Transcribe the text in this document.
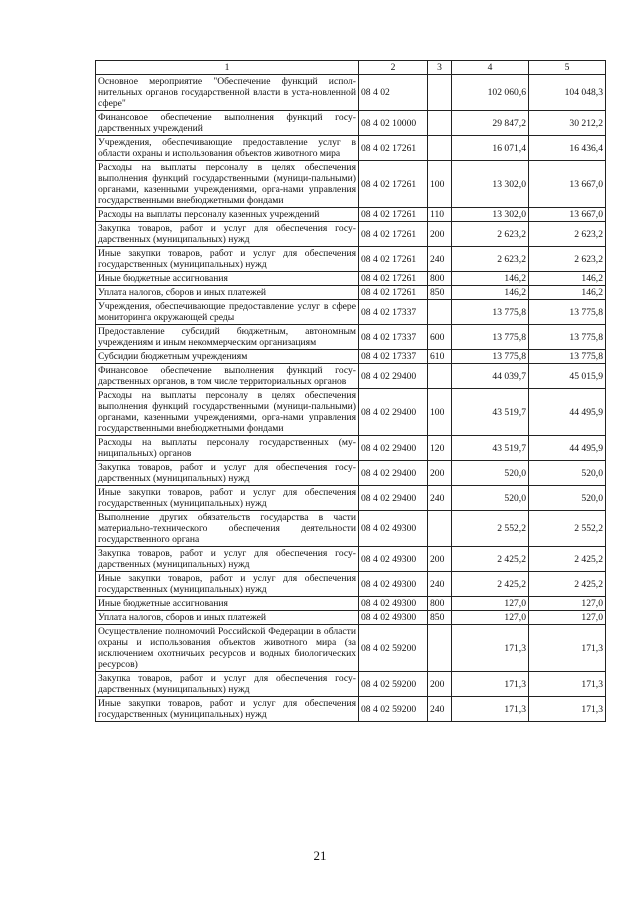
1	2	3	4	5
Основное мероприятие "Обеспечение функций испол-нительных органов государственной власти в уста-новленной сфере"	08 4 02		102 060,6	104 048,3
Финансовое обеспечение выполнения функций госу-дарственных учреждений	08 4 02 10000		29 847,2	30 212,2
Учреждения, обеспечивающие предоставление услуг в области охраны и использования объектов животного мира	08 4 02 17261		16 071,4	16 436,4
Расходы на выплаты персоналу в целях обеспечения выполнения функций государственными (муници-пальными) органами, казенными учреждениями, орга-нами управления государственными внебюджетными фондами	08 4 02 17261	100	13 302,0	13 667,0
Расходы на выплаты персоналу казенных учреждений	08 4 02 17261	110	13 302,0	13 667,0
Закупка товаров, работ и услуг для обеспечения госу-дарственных (муниципальных) нужд	08 4 02 17261	200	2 623,2	2 623,2
Иные закупки товаров, работ и услуг для обеспечения государственных (муниципальных) нужд	08 4 02 17261	240	2 623,2	2 623,2
Иные бюджетные ассигнования	08 4 02 17261	800	146,2	146,2
Уплата налогов, сборов и иных платежей	08 4 02 17261	850	146,2	146,2
Учреждения, обеспечивающие предоставление услуг в сфере мониторинга окружающей среды	08 4 02 17337		13 775,8	13 775,8
Предоставление субсидий бюджетным, автономным учреждениям и иным некоммерческим организациям	08 4 02 17337	600	13 775,8	13 775,8
Субсидии бюджетным учреждениям	08 4 02 17337	610	13 775,8	13 775,8
Финансовое обеспечение выполнения функций госу-дарственных органов, в том числе территориальных органов	08 4 02 29400		44 039,7	45 015,9
Расходы на выплаты персоналу в целях обеспечения выполнения функций государственными (муници-пальными) органами, казенными учреждениями, орга-нами управления государственными внебюджетными фондами	08 4 02 29400	100	43 519,7	44 495,9
Расходы на выплаты персоналу государственных (му-ниципальных) органов	08 4 02 29400	120	43 519,7	44 495,9
Закупка товаров, работ и услуг для обеспечения госу-дарственных (муниципальных) нужд	08 4 02 29400	200	520,0	520,0
Иные закупки товаров, работ и услуг для обеспечения государственных (муниципальных) нужд	08 4 02 29400	240	520,0	520,0
Выполнение других обязательств государства в части материально-технического обеспечения деятельности государственного органа	08 4 02 49300		2 552,2	2 552,2
Закупка товаров, работ и услуг для обеспечения госу-дарственных (муниципальных) нужд	08 4 02 49300	200	2 425,2	2 425,2
Иные закупки товаров, работ и услуг для обеспечения государственных (муниципальных) нужд	08 4 02 49300	240	2 425,2	2 425,2
Иные бюджетные ассигнования	08 4 02 49300	800	127,0	127,0
Уплата налогов, сборов и иных платежей	08 4 02 49300	850	127,0	127,0
Осуществление полномочий Российской Федерации в области охраны и использования объектов животного мира (за исключением охотничьих ресурсов и водных биологических ресурсов)	08 4 02 59200		171,3	171,3
Закупка товаров, работ и услуг для обеспечения госу-дарственных (муниципальных) нужд	08 4 02 59200	200	171,3	171,3
Иные закупки товаров, работ и услуг для обеспечения государственных (муниципальных) нужд	08 4 02 59200	240	171,3	171,3
21
